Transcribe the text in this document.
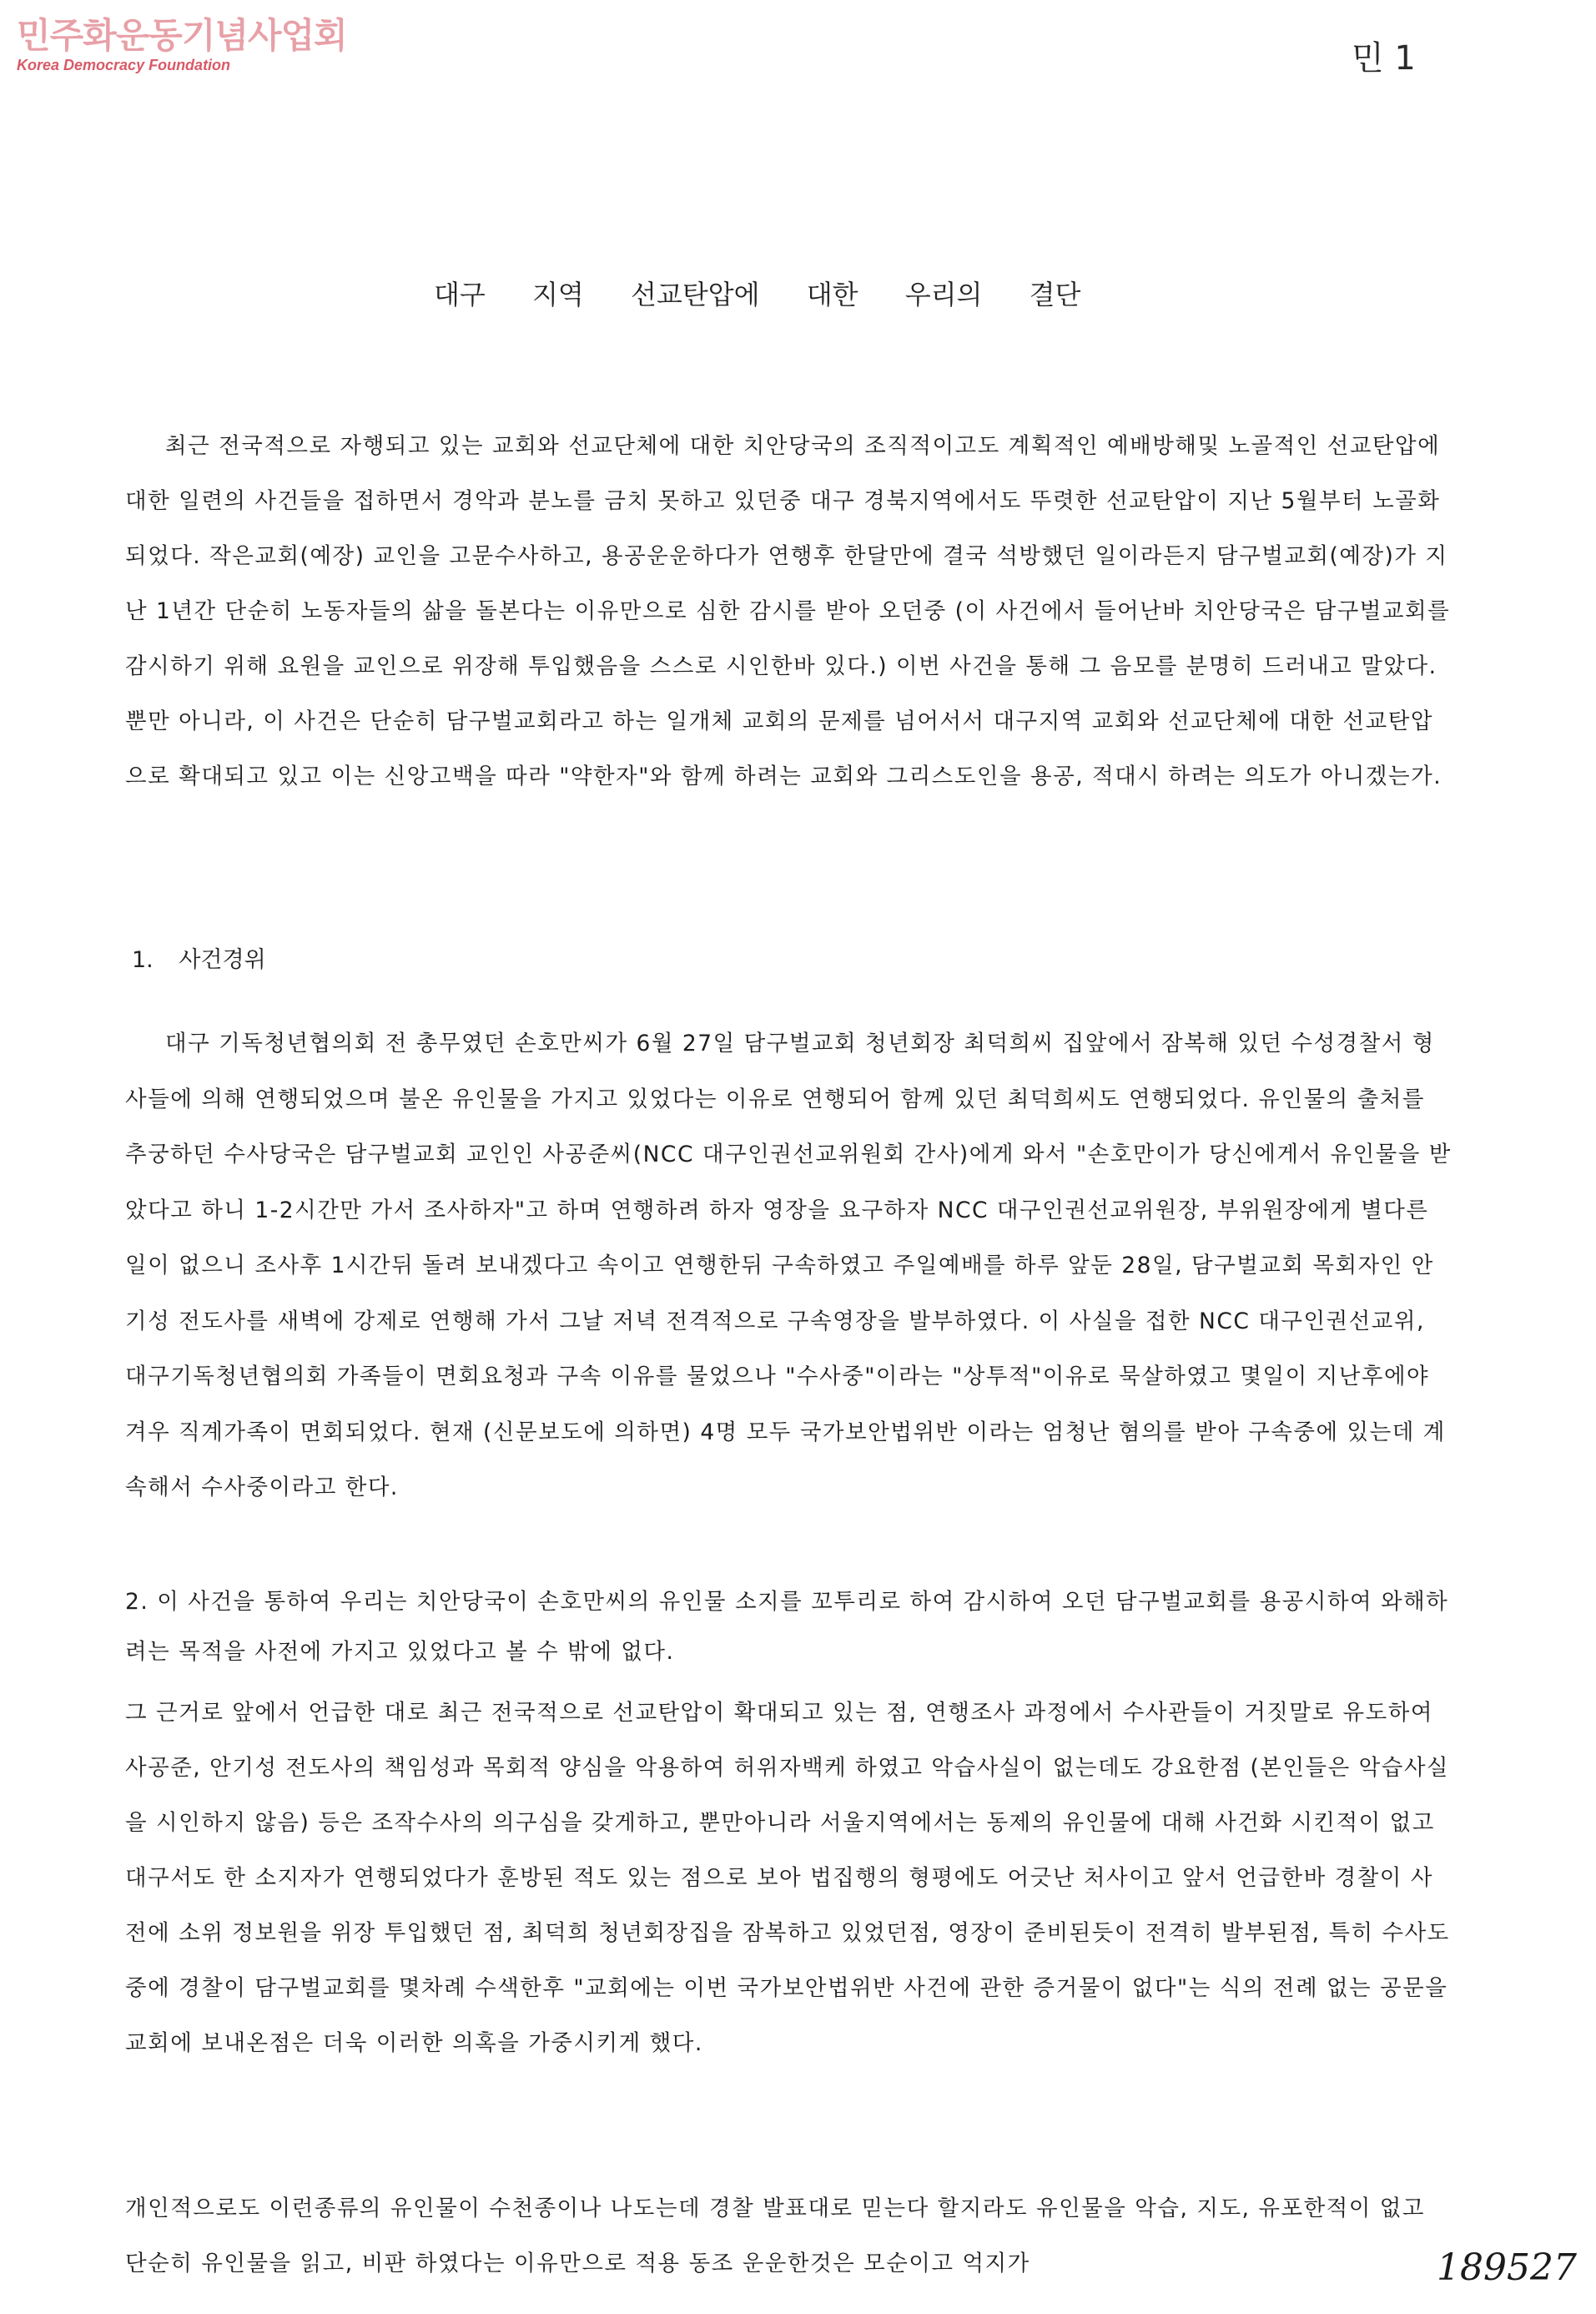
민주화운동기념사업회
Korea Democracy Foundation	민 1
대구 지역 선교탄압에 대한 우리의 결단

최근 전국적으로 자행되고 있는 교회와 선교단체에 대한 치안당국의 조직적이고도 계획적인 예배방해및 노골적인 선교탄압에 대한 일련의 사건들을 접하면서 경악과 분노를 금치 못하고 있던중 대구 경북지역에서도 뚜렷한 선교탄압이 지난 5월부터 노골화 되었다. 작은교회(예장) 교인을 고문수사하고, 용공운운하다가 연행후 한달만에 결국 석방했던 일이라든지 담구벌교회(예장)가 지난 1년간 단순히 노동자들의 삶을 돌본다는 이유만으로 심한 감시를 받아 오던중 (이 사건에서 들어난바 치안당국은 담구벌교회를 감시하기 위해 요원을 교인으로 위장해 투입했음을 스스로 시인한바 있다.) 이번 사건을 통해 그 음모를 분명히 드러내고 말았다. 뿐만 아니라, 이 사건은 단순히 담구벌교회라고 하는 일개체 교회의 문제를 넘어서서 대구지역 교회와 선교단체에 대한 선교탄압으로 확대되고 있고 이는 신앙고백을 따라 "약한자"와 함께 하려는 교회와 그리스도인을 용공, 적대시 하려는 의도가 아니겠는가.

1. 사건경위

대구 기독청년협의회 전 총무였던 손호만씨가 6월 27일 담구벌교회 청년회장 최덕희씨 집앞에서 잠복해 있던 수성경찰서 형사들에 의해 연행되었으며 불온 유인물을 가지고 있었다는 이유로 연행되어 함께 있던 최덕희씨도 연행되었다. 유인물의 출처를 추궁하던 수사당국은 담구벌교회 교인인 사공준씨(NCC 대구인권선교위원회 간사)에게 와서 "손호만이가 당신에게서 유인물을 받았다고 하니 1-2시간만 가서 조사하자"고 하며 연행하려 하자 영장을 요구하자 NCC 대구인권선교위원장, 부위원장에게 별다른 일이 없으니 조사후 1시간뒤 돌려 보내겠다고 속이고 연행한뒤 구속하였고 주일예배를 하루 앞둔 28일, 담구벌교회 목회자인 안기성 전도사를 새벽에 강제로 연행해 가서 그날 저녁 전격적으로 구속영장을 발부하였다. 이 사실을 접한 NCC 대구인권선교위, 대구기독청년협의회 가족들이 면회요청과 구속 이유를 물었으나 "수사중"이라는 "상투적"이유로 묵살하였고 몇일이 지난후에야 겨우 직계가족이 면회되었다. 현재 (신문보도에 의하면) 4명 모두 국가보안법위반 이라는 엄청난 혐의를 받아 구속중에 있는데 계속해서 수사중이라고 한다.

2. 이 사건을 통하여 우리는 치안당국이 손호만씨의 유인물 소지를 꼬투리로 하여 감시하여 오던 담구벌교회를 용공시하여 와해하려는 목적을 사전에 가지고 있었다고 볼 수 밖에 없다.

그 근거로 앞에서 언급한 대로 최근 전국적으로 선교탄압이 확대되고 있는 점, 연행조사 과정에서 수사관들이 거짓말로 유도하여 사공준, 안기성 전도사의 책임성과 목회적 양심을 악용하여 허위자백케 하였고 악습사실이 없는데도 강요한점 (본인들은 악습사실을 시인하지 않음) 등은 조작수사의 의구심을 갖게하고, 뿐만아니라 서울지역에서는 동제의 유인물에 대해 사건화 시킨적이 없고 대구서도 한 소지자가 연행되었다가 훈방된 적도 있는 점으로 보아 법집행의 형평에도 어긋난 처사이고 앞서 언급한바 경찰이 사전에 소위 정보원을 위장 투입했던 점, 최덕희 청년회장집을 잠복하고 있었던점, 영장이 준비된듯이 전격히 발부된점, 특히 수사도중에 경찰이 담구벌교회를 몇차례 수색한후 "교회에는 이번 국가보안법위반 사건에 관한 증거물이 없다"는 식의 전례 없는 공문을 교회에 보내온점은 더욱 이러한 의혹을 가중시키게 했다.

개인적으로도 이런종류의 유인물이 수천종이나 나도는데 경찰 발표대로 믿는다 할지라도 유인물을 악습, 지도, 유포한적이 없고 단순히 유인물을 읽고, 비판 하였다는 이유만으로 적용 동조 운운한것은 모순이고 억지가	189527
